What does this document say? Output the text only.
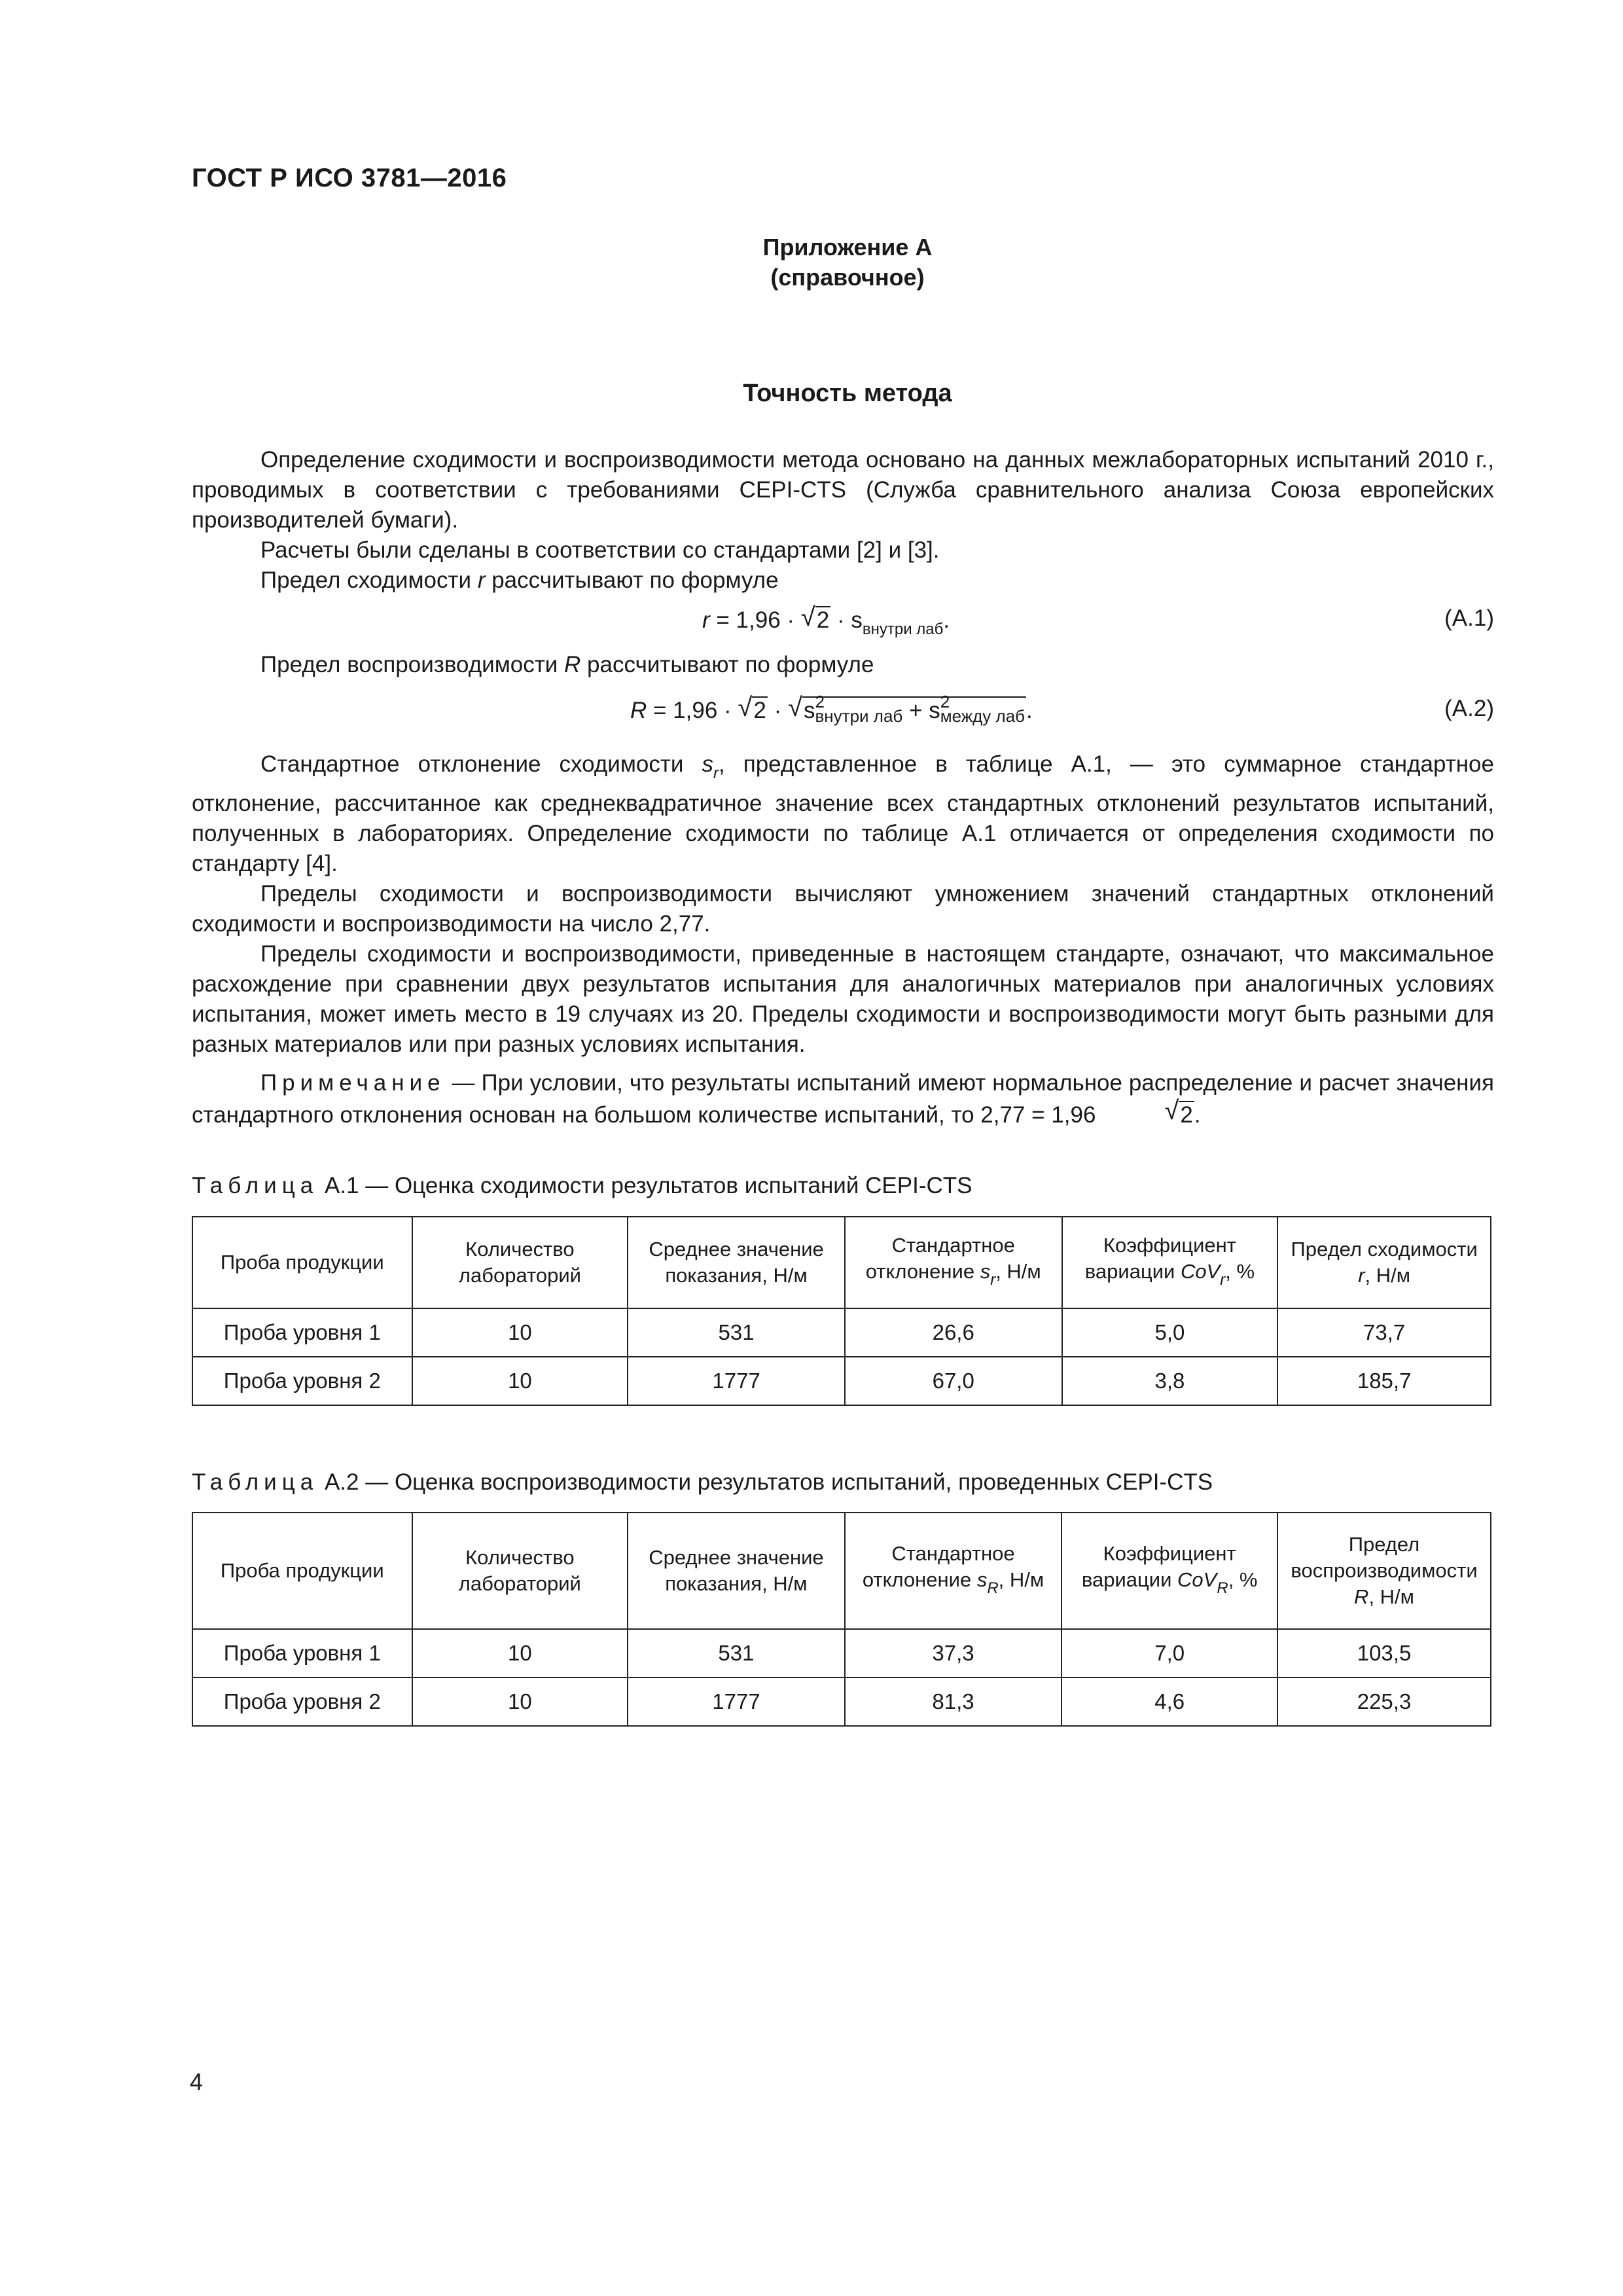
ГОСТ Р ИСО 3781—2016
Приложение А
(справочное)
Точность метода

Определение сходимости и воспроизводимости метода основано на данных межлабораторных испытаний 2010 г., проводимых в соответствии с требованиями CEPI-CTS (Служба сравнительного анализа Союза европейских производителей бумаги).

Расчеты были сделаны в соответствии со стандартами [2] и [3].

Предел сходимости r рассчитывают по формуле

r = 1,96 · √ $2 \cdot s_{внутри лаб}$.	(А.1)

Предел воспроизводимости R рассчитывают по формуле

R = 1,96 · √ 2 · √ s 2
внутри лаб + s 2
между лаб.	(А.2)

Стандартное отклонение сходимости $s_r$, представленное в таблице А.1, — это суммарное стандартное отклонение, рассчитанное как среднеквадратичное значение всех стандартных отклонений результатов испытаний, полученных в лабораториях. Определение сходимости по таблице А.1 отличается от определения сходимости по стандарту [4].

Пределы сходимости и воспроизводимости вычисляют умножением значений стандартных отклонений сходимости и воспроизводимости на число 2,77.

Пределы сходимости и воспроизводимости, приведенные в настоящем стандарте, означают, что максимальное расхождение при сравнении двух результатов испытания для аналогичных материалов при аналогичных условиях испытания, может иметь место в 19 случаях из 20. Пределы сходимости и воспроизводимости могут быть разными для разных материалов или при разных условиях испытания.

Примечание — При условии, что результаты испытаний имеют нормальное распределение и расчет значения стандартного отклонения основан на большом количестве испытаний, то 2,77 = 1,96	√ 2.

Таблица А.1 — Оценка сходимости результатов испытаний CEPI-CTS
Проба продукции	Количество лабораторий	Среднее значение показания, Н/м	Стандартное отклонение $s_r$, Н/м	Коэффициент вариации CoV$_r$, %	Предел сходимости r, Н/м
Проба уровня 1	10	531	26,6	5,0	73,7
Проба уровня 2	10	1777	67,0	3,8	185,7
Таблица А.2 — Оценка воспроизводимости результатов испытаний, проведенных CEPI-CTS
Проба продукции	Количество лабораторий	Среднее значение показания, Н/м	Стандартное отклонение $s_R$, Н/м	Коэффициент вариации CoV$_R$, %	Предел воспроизводимости R, Н/м
Проба уровня 1	10	531	37,3	7,0	103,5
Проба уровня 2	10	1777	81,3	4,6	225,3
4
